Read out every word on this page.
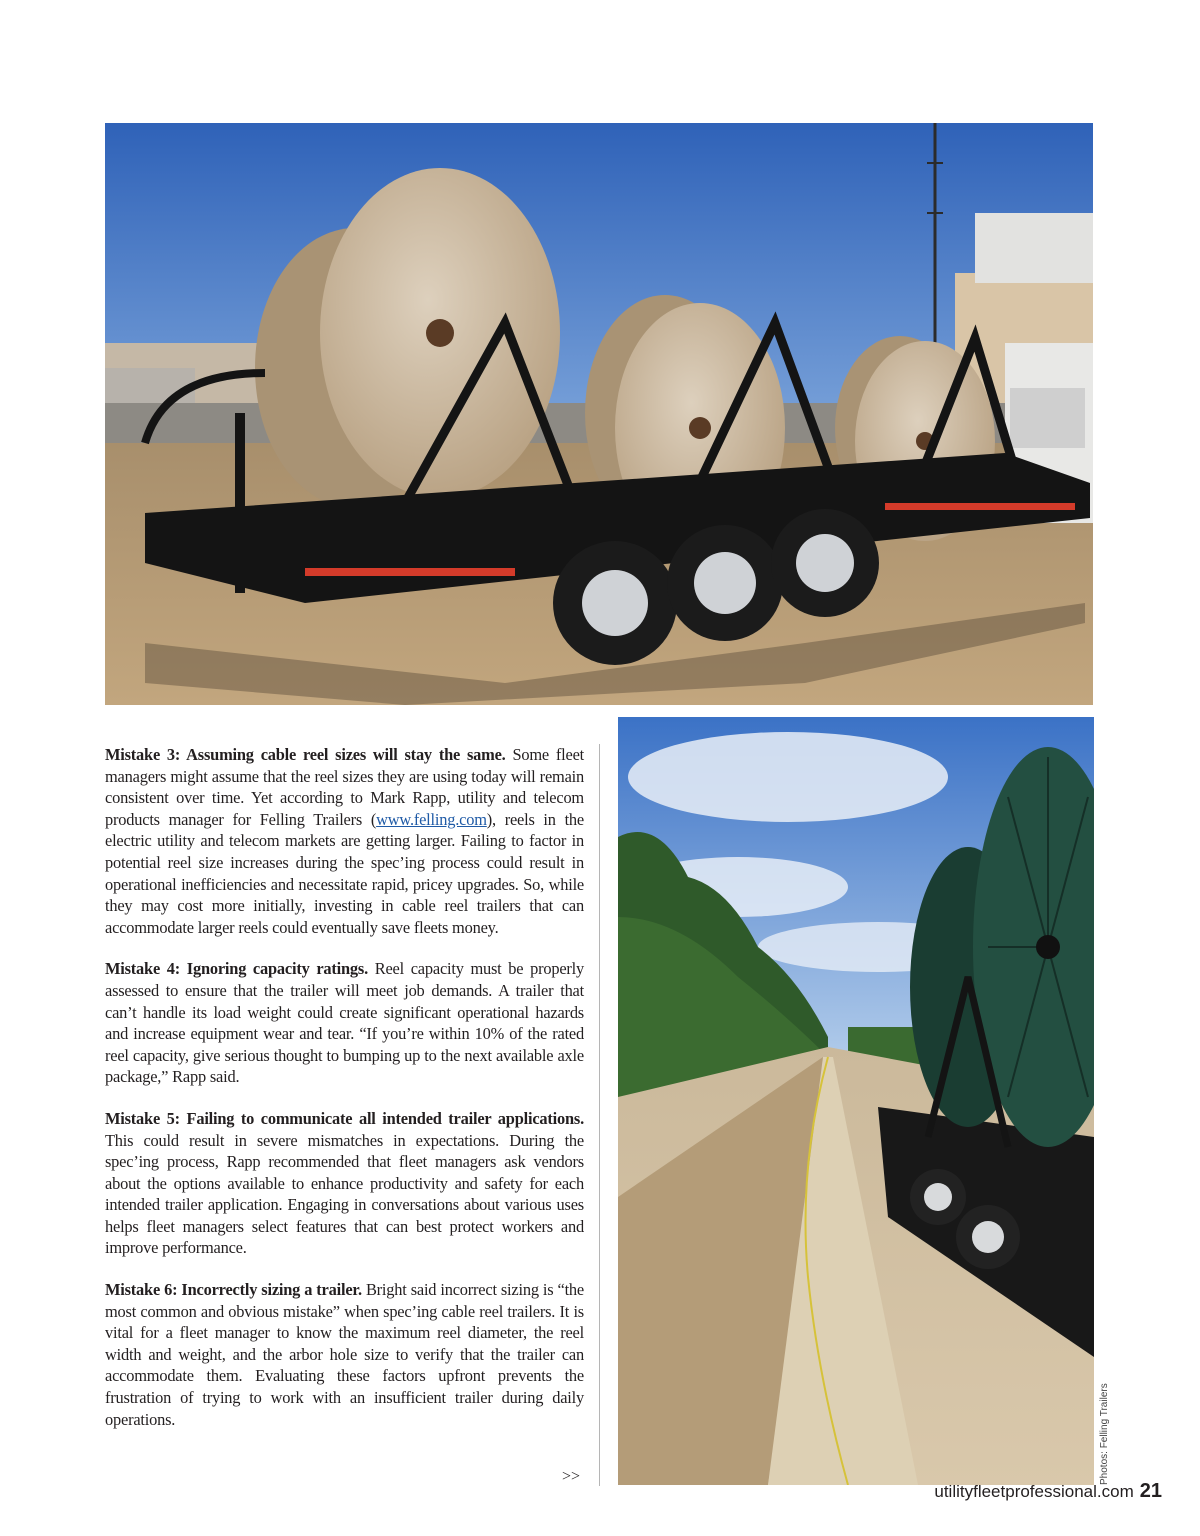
Mistake 3: Assuming cable reel sizes will stay the same. Some fleet managers might assume that the reel sizes they are using today will remain consistent over time. Yet according to Mark Rapp, utility and telecom products manager for Felling Trailers (www.felling.com), reels in the electric utility and telecom markets are getting larger. Failing to factor in potential reel size increases during the spec’ing process could result in operational inefficiencies and necessitate rapid, pricey upgrades. So, while they may cost more initially, investing in cable reel trailers that can accommodate larger reels could eventually save fleets money.

Mistake 4: Ignoring capacity ratings. Reel capacity must be properly assessed to ensure that the trailer will meet job demands. A trailer that can’t handle its load weight could create significant operational hazards and increase equipment wear and tear. “If you’re within 10% of the rated reel capacity, give serious thought to bumping up to the next available axle package,” Rapp said.

Mistake 5: Failing to communicate all intended trailer applications. This could result in severe mismatches in expectations. During the spec’ing process, Rapp recommended that fleet managers ask vendors about the options available to enhance productivity and safety for each intended trailer application. Engaging in conversations about various uses helps fleet managers select features that can best protect workers and improve performance.

Mistake 6: Incorrectly sizing a trailer. Bright said incorrect sizing is “the most common and obvious mistake” when spec’ing cable reel trailers. It is vital for a fleet manager to know the maximum reel diameter, the reel width and weight, and the arbor hole size to verify that the trailer can accommodate them. Evaluating these factors upfront prevents the frustration of trying to work with an insufficient trailer during daily operations.

>>	Photos: Felling Trailers
utilityfleetprofessional.com 21
